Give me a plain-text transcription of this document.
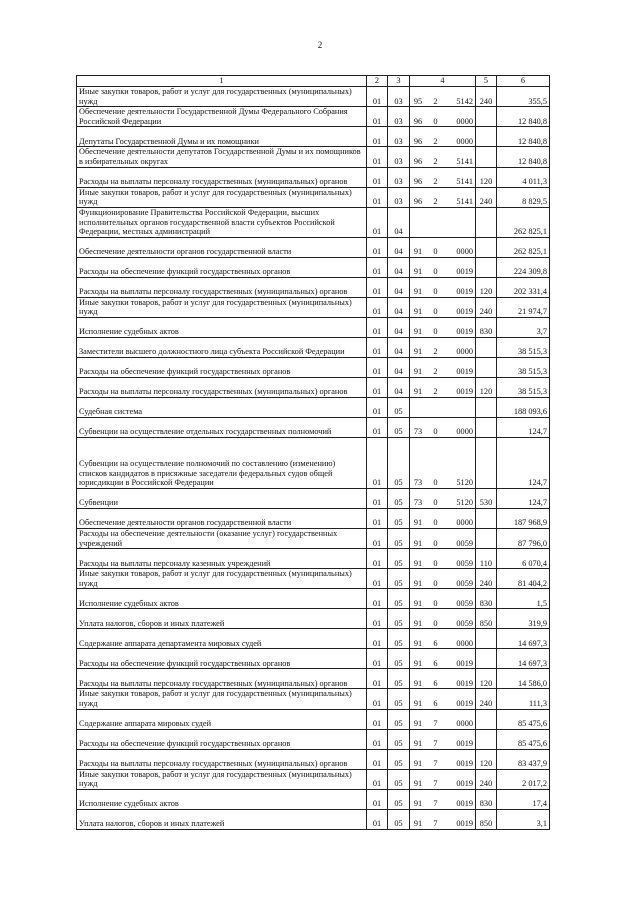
2
1	2	3	4	5	6
Иные закупки товаров, работ и услуг для государственных (муниципальных) нужд	01	03	95 2 5142	240	355,5
Обеспечение деятельности Государственной Думы Федерального Собрания Российской Федерации	01	03	96 0 0000		12 840,8
Депутаты Государственной Думы и их помощники	01	03	96 2 0000		12 840,8
Обеспечение деятельности депутатов Государственной Думы и их помощников в избирательных округах	01	03	96 2 5141		12 840,8
Расходы на выплаты персоналу государственных (муниципальных) органов	01	03	96 2 5141	120	4 011,3
Иные закупки товаров, работ и услуг для государственных (муниципальных) нужд	01	03	96 2 5141	240	8 829,5
Функционирование Правительства Российской Федерации, высших исполнительных органов государственной власти субъектов Российской Федерации, местных администраций	01	04			262 825,1
Обеспечение деятельности органов государственной власти	01	04	91 0 0000		262 825,1
Расходы на обеспечение функций государственных органов	01	04	91 0 0019		224 309,8
Расходы на выплаты персоналу государственных (муниципальных) органов	01	04	91 0 0019	120	202 331,4
Иные закупки товаров, работ и услуг для государственных (муниципальных) нужд	01	04	91 0 0019	240	21 974,7
Исполнение судебных актов	01	04	91 0 0019	830	3,7
Заместители высшего должностного лица субъекта Российской Федерации	01	04	91 2 0000		38 515,3
Расходы на обеспечение функций государственных органов	01	04	91 2 0019		38 515,3
Расходы на выплаты персоналу государственных (муниципальных) органов	01	04	91 2 0019	120	38 515,3
Судебная система	01	05			188 093,6
Субвенции на осуществление отдельных государственных полномочий	01	05	73 0 0000		124,7
Субвенции на осуществление полномочий по составлению (изменению) списков кандидатов в присяжные заседатели федеральных судов общей юрисдикции в Российской Федерации	01	05	73 0 5120		124,7
Субвенции	01	05	73 0 5120	530	124,7
Обеспечение деятельности органов государственной власти	01	05	91 0 0000		187 968,9
Расходы на обеспечение деятельности (оказание услуг) государственных учреждений	01	05	91 0 0059		87 796,0
Расходы на выплаты персоналу казенных учреждений	01	05	91 0 0059	110	6 070,4
Иные закупки товаров, работ и услуг для государственных (муниципальных) нужд	01	05	91 0 0059	240	81 404,2
Исполнение судебных актов	01	05	91 0 0059	830	1,5
Уплата налогов, сборов и иных платежей	01	05	91 0 0059	850	319,9
Содержание аппарата департамента мировых судей	01	05	91 6 0000		14 697,3
Расходы на обеспечение функций государственных органов	01	05	91 6 0019		14 697,3
Расходы на выплаты персоналу государственных (муниципальных) органов	01	05	91 6 0019	120	14 586,0
Иные закупки товаров, работ и услуг для государственных (муниципальных) нужд	01	05	91 6 0019	240	111,3
Содержание аппарата мировых судей	01	05	91 7 0000		85 475,6
Расходы на обеспечение функций государственных органов	01	05	91 7 0019		85 475,6
Расходы на выплаты персоналу государственных (муниципальных) органов	01	05	91 7 0019	120	83 437,9
Иные закупки товаров, работ и услуг для государственных (муниципальных) нужд	01	05	91 7 0019	240	2 017,2
Исполнение судебных актов	01	05	91 7 0019	830	17,4
Уплата налогов, сборов и иных платежей	01	05	91 7 0019	850	3,1
